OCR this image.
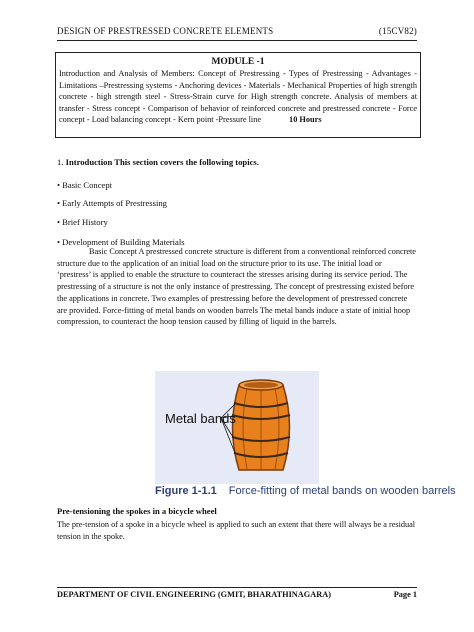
DESIGN OF PRESTRESSED CONCRETE ELEMENTS	(15CV82)
MODULE -1
Introduction and Analysis of Members: Concept of Prestressing - Types of Prestressing - Advantages - Limitations –Prestressing systems - Anchoring devices - Materials - Mechanical Properties of high strength concrete - high strength steel - Stress-Strain curve for High strength concrete. Analysis of members at transfer - Stress concept - Comparison of behavior of reinforced concrete and prestressed concrete - Force concept - Load balancing concept - Kern point -Pressure line	10 Hours
1. Introduction This section covers the following topics.
• Basic Concept
• Early Attempts of Prestressing
• Brief History
• Development of Building Materials

Basic Concept A prestressed concrete structure is different from a conventional reinforced concrete structure due to the application of an initial load on the structure prior to its use. The initial load or ‘prestress’ is applied to enable the structure to counteract the stresses arising during its service period. The prestressing of a structure is not the only instance of prestressing. The concept of prestressing existed before the applications in concrete. Two examples of prestressing before the development of prestressed concrete are provided. Force-fitting of metal bands on wooden barrels The metal bands induce a state of initial hoop compression, to counteract the hoop tension caused by filling of liquid in the barrels.

Metal bands
Figure 1-1.1 Force-fitting of metal bands on wooden barrels
Pre-tensioning the spokes in a bicycle wheel
The pre-tension of a spoke in a bicycle wheel is applied to such an extent that there will always be a residual tension in the spoke.
DEPARTMENT OF CIVIL ENGINEERING (GMIT, BHARATHINAGARA)	Page 1
